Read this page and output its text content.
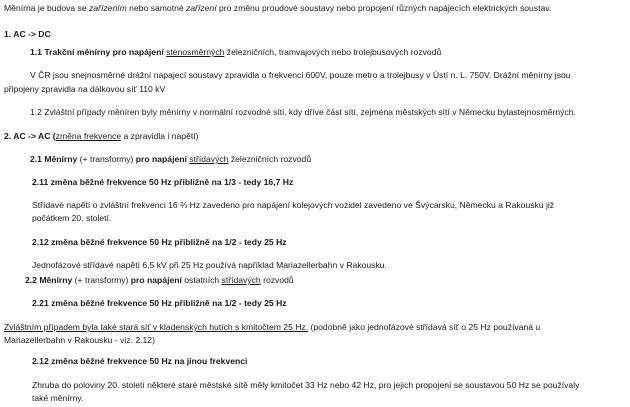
Měnírna je budova se zařízením nebo samotné zařízení pro změnu proudové soustavy nebo propojení různých napájecích elektrických soustav.
1. AC -> DC
1.1 Trakční měnírny pro napájení stenosměrných železničních, tramvajových nebo trolejbusových rozvodů
V ČR jsou snejnosměrné drážní napajecí soustavy zpravidla o frekvenci 600V, pouze metro a trolejbusy v Ústí n. L. 750V. Drážní měnírny jsou
připojeny zpravidla na dálkovou síť 110 kV
1.2 Zvláštní případy měníren byly měnírny v normální rozvodné síti, kdy dříve část sítí, zejména městských sítí v Německu bylastejnosměrných.
2. AC -> AC (změna frekvence a zpravidla i napětí)
2.1 Měnírny (+ transformy) pro napájení střídavých železničních rozvodů
2.11 změna běžné frekvence 50 Hz přibližně na 1/3 - tedy 16,7 Hz
Střídavé napětí o zvláštní frekvenci 16 ⅔ Hz zavedeno pro napájení kolejových vozidel zavedeno ve Švýcarsku, Německu a Rakousku již
počátkem 20. století.
2.12 změna běžné frekvence 50 Hz přibližně na 1/2 - tedy 25 Hz
Jednofázové střídavé napětí 6,5 kV při 25 Hz používá například Mariazellerbahn v Rakousku.
2.2 Měnírny (+ transformy) pro napájení ostatních střídavých rozvodů
2.21 změna běžné frekvence 50 Hz přibližně na 1/2 - tedy 25 Hz
Zvláštním případem byla také stará síť v kladenských hutích s kmitočtem 25 Hz. (podobně jako jednofázové střídavá síť o 25 Hz používaná u
Mariazellerbahn v Rakousku - viz. 2.12)
2.12 změna běžné frekvence 50 Hz na jinou frekvenci
Zhruba do poloviny 20. století některé staré městské sítě měly kmitočet 33 Hz nebo 42 Hz, pro jejich propojení se soustavou 50 Hz se používaly
také měnírny.
